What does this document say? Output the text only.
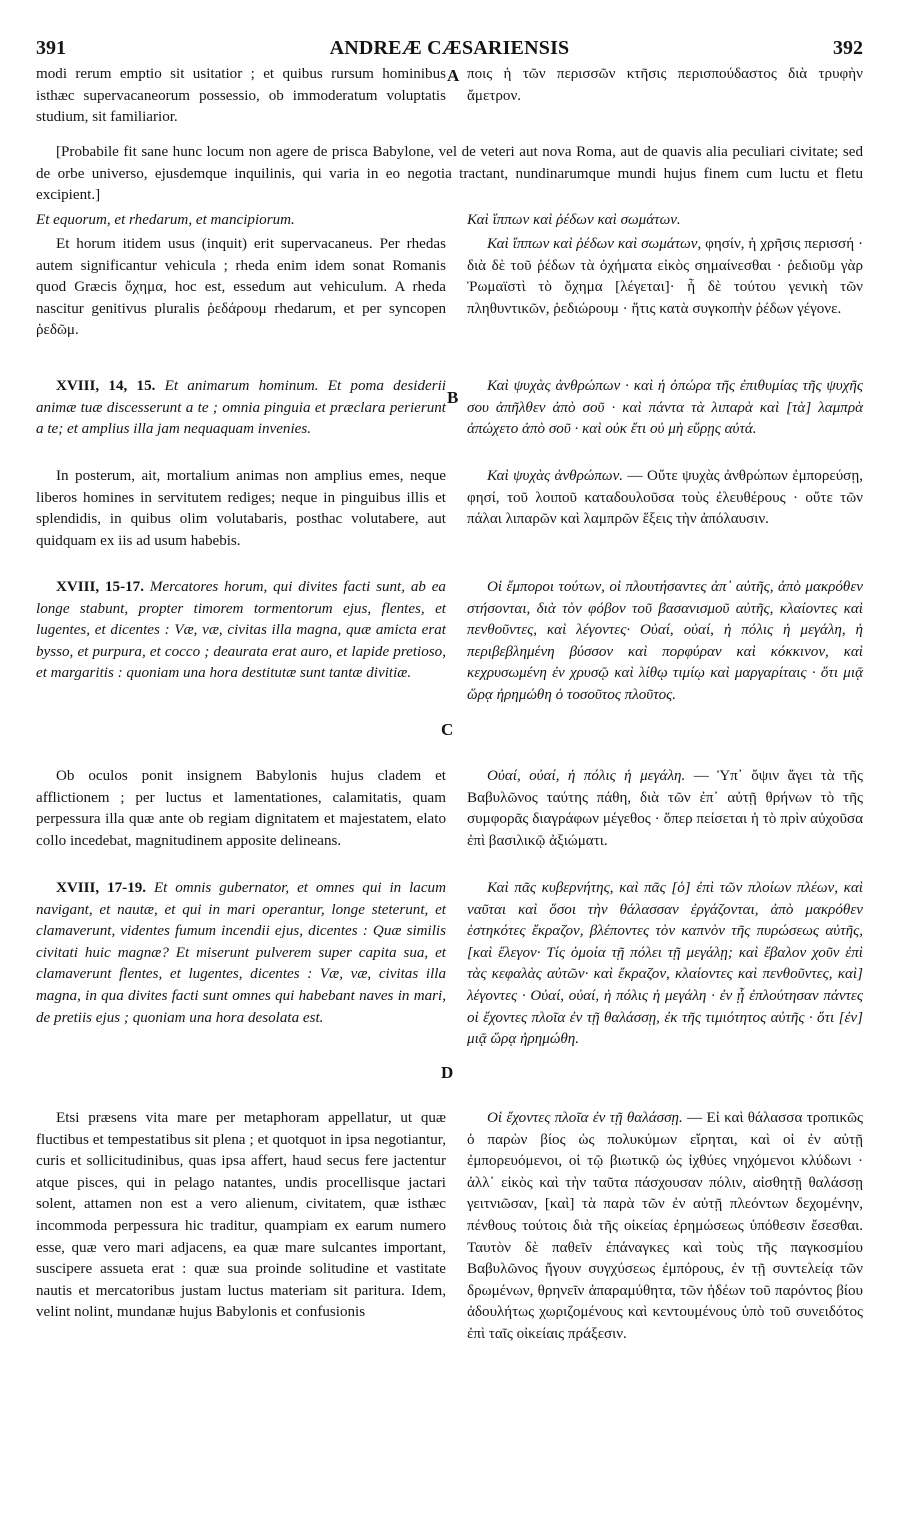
391	ANDREÆ CÆSARIENSIS	392

modi rerum emptio sit usitatior ; et quibus rursum hominibus isthæc supervacaneorum possessio, ob immoderatum voluptatis studium, sit familiarior.

[Probabile fit sane hunc locum non agere de prisca Babylone, vel de veteri aut nova Roma, aut de quavis alia peculiari civitate; sed de orbe universo, ejusdemque inquilinis, qui varia in eo negotia tractant, nundinarumque mundi hujus finem cum luctu et fletu excipient.]

Et equorum, et rhedarum, et mancipiorum.

Et horum itidem usus (inquit) erit supervacaneus. Per rhedas autem significantur vehicula ; rheda enim idem sonat Romanis quod Græcis ὄχημα, hoc est, essedum aut vehiculum. A rheda nascitur genitivus pluralis ῥεδάρουμ rhedarum, et per syncopen ῥεδῶμ.

XVIII, 14, 15. Et animarum hominum. Et poma desiderii animæ tuæ discesserunt a te ; omnia pinguia et præclara perierunt a te; et amplius illa jam nequaquam invenies.

In posterum, ait, mortalium animas non amplius emes, neque liberos homines in servitutem rediges; neque in pinguibus illis et splendidis, in quibus olim volutabaris, posthac volutabere, aut quidquam ex iis ad usum habebis.

XVIII, 15-17. Mercatores horum, qui divites facti sunt, ab ea longe stabunt, propter timorem tormentorum ejus, flentes, et lugentes, et dicentes : Væ, væ, civitas illa magna, quæ amicta erat bysso, et purpura, et cocco ; deaurata erat auro, et lapide pretioso, et margaritis : quoniam una hora destitutæ sunt tantæ divitiæ.

Ob oculos ponit insignem Babylonis hujus cladem et afflictionem ; per luctus et lamentationes, calamitatis, quam perpessura illa quæ ante ob regiam dignitatem et majestatem, elato collo incedebat, magnitudinem apposite delineans.

XVIII, 17-19. Et omnis gubernator, et omnes qui in lacum navigant, et nautæ, et qui in mari operantur, longe steterunt, et clamaverunt, videntes fumum incendii ejus, dicentes : Quæ similis civitati huic magnæ? Et miserunt pulverem super capita sua, et clamaverunt flentes, et lugentes, dicentes : Væ, væ, civitas illa magna, in qua divites facti sunt omnes qui habebant naves in mari, de pretiis ejus ; quoniam una hora desolata est.

Etsi præsens vita mare per metaphoram appellatur, ut quæ fluctibus et tempestatibus sit plena ; et quotquot in ipsa negotiantur, curis et sollicitudinibus, quas ipsa affert, haud secus fere jactentur atque pisces, qui in pelago natantes, undis procellisque jactari solent, attamen non est a vero alienum, civitatem, quæ isthæc incommoda perpessura hic traditur, quampiam ex earum numero esse, quæ vero mari adjacens, ea quæ mare sulcantes important, suscipere assueta erat : quæ sua proinde solitudine et vastitate nautis et mercatoribus justam luctus materiam sit paritura. Idem, velint nolint, mundanæ hujus Babylonis et confusionis

ποις ἡ τῶν περισσῶν κτῆσις περισπούδαστος διὰ τρυφὴν ἄμετρον.

Καὶ ἵππων καὶ ῥέδων καὶ σωμάτων.

Καὶ ἵππων καὶ ῥέδων καὶ σωμάτων, φησίν, ἡ χρῆσις περισσή · διὰ δὲ τοῦ ῥέδων τὰ ὀχήματα εἰκὸς σημαίνεσθαι · ῥεδιοῦμ γὰρ Ῥωμαϊστὶ τὸ ὄχημα [λέγεται]· ἧ δὲ τούτου γενικὴ τῶν πληθυντικῶν, ῥεδιώρουμ · ἥτις κατὰ συγκοπὴν ῥέδων γέγονε.

Καὶ ψυχὰς ἀνθρώπων · καὶ ἡ ὀπώρα τῆς ἐπιθυμίας τῆς ψυχῆς σου ἀπῆλθεν ἀπὸ σοῦ · καὶ πάντα τὰ λιπαρὰ καὶ [τὰ] λαμπρὰ ἀπώχετο ἀπὸ σοῦ · καὶ οὐκ ἔτι οὐ μὴ εὕρῃς αὐτά.

Καὶ ψυχὰς ἀνθρώπων. — Οὔτε ψυχὰς ἀνθρώπων ἐμπορεύσῃ, φησί, τοῦ λοιποῦ καταδουλοῦσα τοὺς ἐλευθέρους · οὔτε τῶν πάλαι λιπαρῶν καὶ λαμπρῶν ἕξεις τὴν ἀπόλαυσιν.

Οἱ ἔμποροι τούτων, οἱ πλουτήσαντες ἀπ᾽ αὐτῆς, ἀπὸ μακρόθεν στήσονται, διὰ τὸν φόβον τοῦ βασανισμοῦ αὐτῆς, κλαίοντες καὶ πενθοῦντες, καὶ λέγοντες· Οὐαί, οὐαί, ἡ πόλις ἡ μεγάλη, ἡ περιβεβλημένη βύσσον καὶ πορφύραν καὶ κόκκινον, καὶ κεχρυσωμένη ἐν χρυσῷ καὶ λίθῳ τιμίῳ καὶ μαργαρίταις · ὅτι μιᾷ ὥρᾳ ἠρημώθη ὁ τοσοῦτος πλοῦτος.

Οὐαί, οὐαί, ἡ πόλις ἡ μεγάλη. — Ὑπ᾽ ὄψιν ἄγει τὰ τῆς Βαβυλῶνος ταύτης πάθη, διὰ τῶν ἐπ᾽ αὐτῇ θρήνων τὸ τῆς συμφορᾶς διαγράφων μέγεθος · ὅπερ πείσεται ἡ τὸ πρὶν αὐχοῦσα ἐπὶ βασιλικῷ ἀξιώματι.

Καὶ πᾶς κυβερνήτης, καὶ πᾶς [ὁ] ἐπὶ τῶν πλοίων πλέων, καὶ ναῦται καὶ ὅσοι τὴν θάλασσαν ἐργάζονται, ἀπὸ μακρόθεν ἑστηκότες ἔκραζον, βλέποντες τὸν καπνὸν τῆς πυρώσεως αὐτῆς, [καὶ ἔλεγον· Τίς ὁμοία τῇ πόλει τῇ μεγάλῃ; καὶ ἔβαλον χοῦν ἐπὶ τὰς κεφαλὰς αὐτῶν· καὶ ἔκραζον, κλαίοντες καὶ πενθοῦντες, καὶ] λέγοντες · Οὐαί, οὐαί, ἡ πόλις ἡ μεγάλη · ἐν ᾗ ἐπλούτησαν πάντες οἱ ἔχοντες πλοῖα ἐν τῇ θαλάσσῃ, ἐκ τῆς τιμιότητος αὐτῆς · ὅτι [ἐν] μιᾷ ὥρᾳ ἠρημώθη.

Οἱ ἔχοντες πλοῖα ἐν τῇ θαλάσσῃ. — Εἰ καὶ θάλασσα τροπικῶς ὁ παρὼν βίος ὡς πολυκύμων εἴρηται, καὶ οἱ ἐν αὐτῇ ἐμπορευόμενοι, οἱ τῷ βιωτικῷ ὡς ἰχθύες νηχόμενοι κλύδωνι · ἀλλ᾽ εἰκὸς καὶ τὴν ταῦτα πάσχουσαν πόλιν, αἰσθητῇ θαλάσσῃ γειτνιῶσαν, [καὶ] τὰ παρὰ τῶν ἐν αὐτῇ πλεόντων δεχομένην, πένθους τούτοις διὰ τῆς οἰκείας ἐρημώσεως ὑπόθεσιν ἔσεσθαι. Ταυτὸν δὲ παθεῖν ἐπάναγκες καὶ τοὺς τῆς παγκοσμίου Βαβυλῶνος ἤγουν συγχύσεως ἐμπόρους, ἐν τῇ συντελείᾳ τῶν δρωμένων, θρηνεῖν ἀπαραμύθητα, τῶν ἡδέων τοῦ παρόντος βίου ἀδουλήτως χωριζομένους καὶ κεντουμένους ὑπὸ τοῦ συνειδότος ἐπὶ ταῖς οἰκείαις πράξεσιν.

A
B
C
D
